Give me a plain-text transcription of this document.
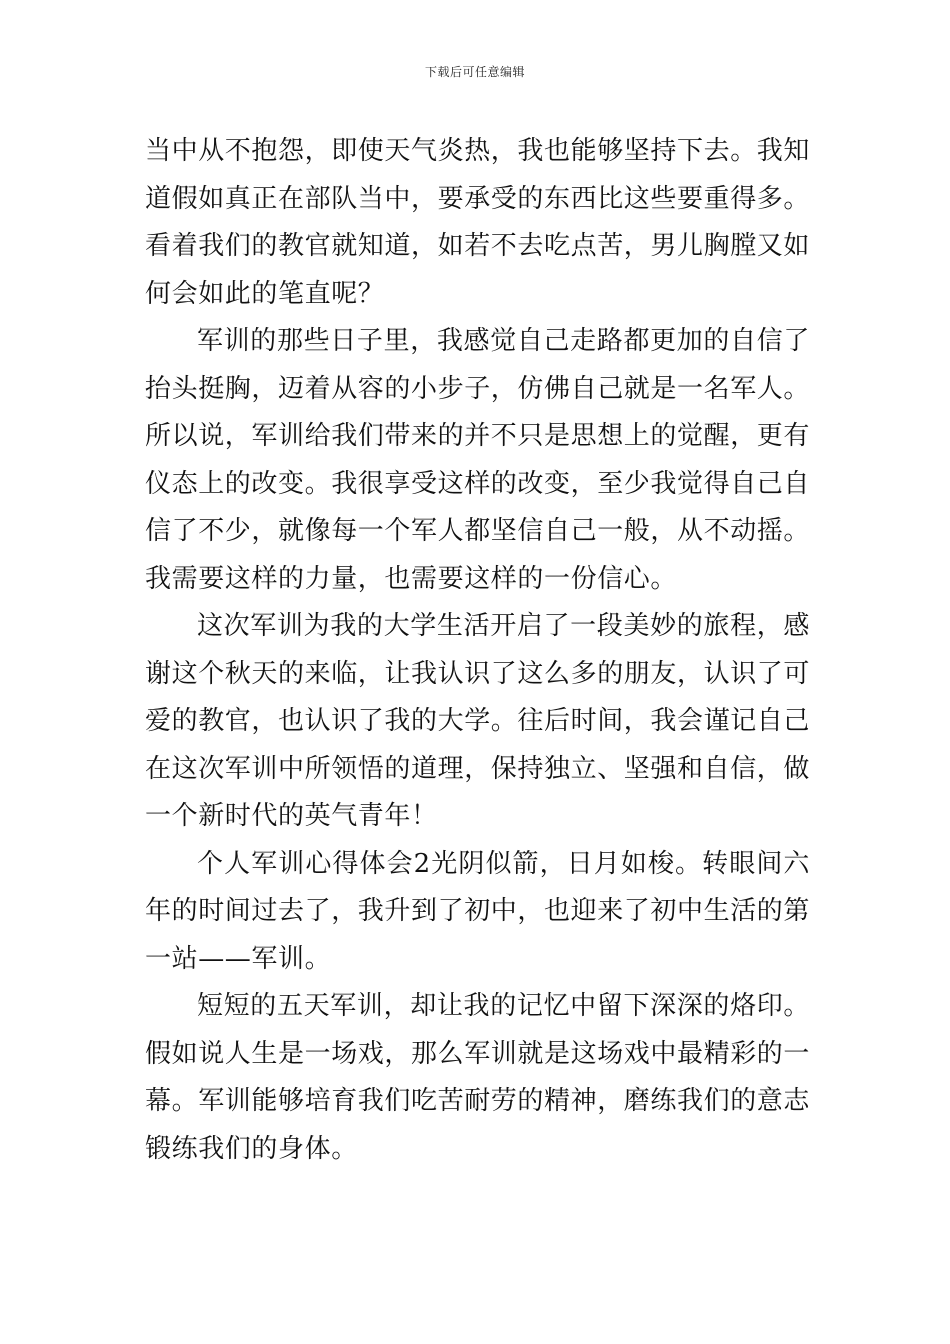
下载后可任意编辑

当中从不抱怨，即使天气炎热，我也能够坚持下去。我知道假如真正在部队当中，要承受的东西比这些要重得多。看着我们的教官就知道，如若不去吃点苦，男儿胸膛又如何会如此的笔直呢？

军训的那些日子里，我感觉自己走路都更加的自信了抬头挺胸，迈着从容的小步子，仿佛自己就是一名军人。所以说，军训给我们带来的并不只是思想上的觉醒，更有仪态上的改变。我很享受这样的改变，至少我觉得自己自信了不少，就像每一个军人都坚信自己一般，从不动摇。我需要这样的力量，也需要这样的一份信心。

这次军训为我的大学生活开启了一段美妙的旅程，感谢这个秋天的来临，让我认识了这么多的朋友，认识了可爱的教官，也认识了我的大学。往后时间，我会谨记自己在这次军训中所领悟的道理，保持独立、坚强和自信，做一个新时代的英气青年！

个人军训心得体会2光阴似箭，日月如梭。转眼间六年的时间过去了，我升到了初中，也迎来了初中生活的第一站——军训。

短短的五天军训，却让我的记忆中留下深深的烙印。假如说人生是一场戏，那么军训就是这场戏中最精彩的一幕。军训能够培育我们吃苦耐劳的精神，磨练我们的意志锻练我们的身体。
